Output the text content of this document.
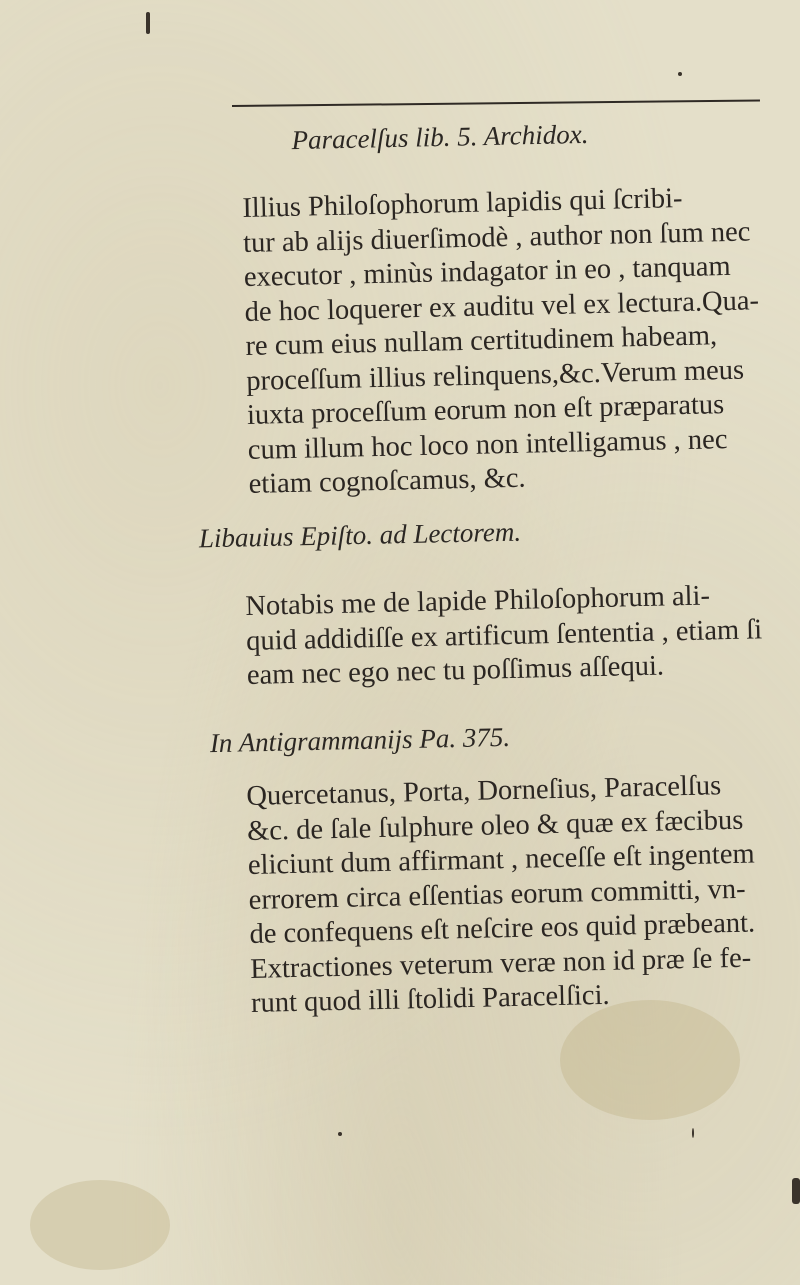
Paracelſus lib. 5. Archidox.
Illius Philoſophorum lapidis qui ſcribi-
tur ab alijs diuerſimodè , author non ſum nec
executor , minùs indagator in eo , tanquam
de hoc loquerer ex auditu vel ex lectura.Qua-
re cum eius nullam certitudinem habeam,
proceſſum illius relinquens,&c.Verum meus
iuxta proceſſum eorum non eſt præparatus
cum illum hoc loco non intelligamus , nec
etiam cognoſcamus, &c.
Libauius Epiſto. ad Lectorem.
Notabis me de lapide Philoſophorum ali-
quid addidiſſe ex artificum ſententia , etiam ſi
eam nec ego nec tu poſſimus aſſequi.
In Antigrammanijs Pa. 375.
Quercetanus, Porta, Dorneſius, Paracelſus
&c. de ſale ſulphure oleo & quæ ex fæcibus
eliciunt dum affirmant , neceſſe eſt ingentem
errorem circa eſſentias eorum committi, vn-
de confequens eſt neſcire eos quid præbeant.
Extractiones veterum veræ non id præ ſe fe-
runt quod illi ſtolidi Paracelſici.
